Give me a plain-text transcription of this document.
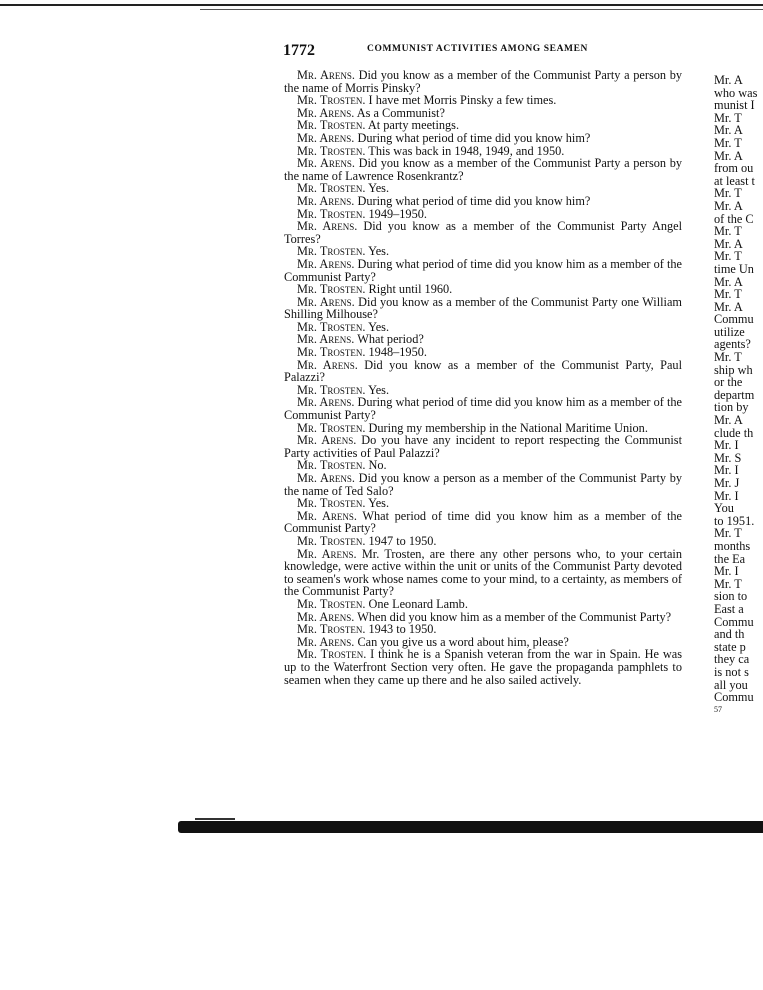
1772	COMMUNIST ACTIVITIES AMONG SEAMEN
Mr. Arens. Did you know as a member of the Communist Party a person by the name of Morris Pinsky?
Mr. Trosten. I have met Morris Pinsky a few times.
Mr. Arens. As a Communist?
Mr. Trosten. At party meetings.
Mr. Arens. During what period of time did you know him?
Mr. Trosten. This was back in 1948, 1949, and 1950.
Mr. Arens. Did you know as a member of the Communist Party a person by the name of Lawrence Rosenkrantz?
Mr. Trosten. Yes.
Mr. Arens. During what period of time did you know him?
Mr. Trosten. 1949–1950.
Mr. Arens. Did you know as a member of the Communist Party Angel Torres?
Mr. Trosten. Yes.
Mr. Arens. During what period of time did you know him as a member of the Communist Party?
Mr. Trosten. Right until 1960.
Mr. Arens. Did you know as a member of the Communist Party one William Shilling Milhouse?
Mr. Trosten. Yes.
Mr. Arens. What period?
Mr. Trosten. 1948–1950.
Mr. Arens. Did you know as a member of the Communist Party, Paul Palazzi?
Mr. Trosten. Yes.
Mr. Arens. During what period of time did you know him as a member of the Communist Party?
Mr. Trosten. During my membership in the National Maritime Union.
Mr. Arens. Do you have any incident to report respecting the Communist Party activities of Paul Palazzi?
Mr. Trosten. No.
Mr. Arens. Did you know a person as a member of the Communist Party by the name of Ted Salo?
Mr. Trosten. Yes.
Mr. Arens. What period of time did you know him as a member of the Communist Party?
Mr. Trosten. 1947 to 1950.
Mr. Arens. Mr. Trosten, are there any other persons who, to your certain knowledge, were active within the unit or units of the Communist Party devoted to seamen's work whose names come to your mind, to a certainty, as members of the Communist Party?
Mr. Trosten. One Leonard Lamb.
Mr. Arens. When did you know him as a member of the Communist Party?
Mr. Trosten. 1943 to 1950.
Mr. Arens. Can you give us a word about him, please?
Mr. Trosten. I think he is a Spanish veteran from the war in Spain. He was up to the Waterfront Section very often. He gave the propaganda pamphlets to seamen when they came up there and he also sailed actively.
Mr. A
who was
munist I
Mr. T
Mr. A
Mr. T
Mr. A
from ou
at least t
Mr. T
Mr. A
of the C
Mr. T
Mr. A
Mr. T
time Un
Mr. A
Mr. T
Mr. A
Commu
utilize
agents?
Mr. T
ship wh
or the
departm
tion by
Mr. A
clude th
Mr. I
Mr. S
Mr. I
Mr. J
Mr. I
You
to 1951.
Mr. T
months
the Ea
Mr. I
Mr. T
sion to
East a
Commu
and th
state p
they ca
is not s
all you
Commu
57
